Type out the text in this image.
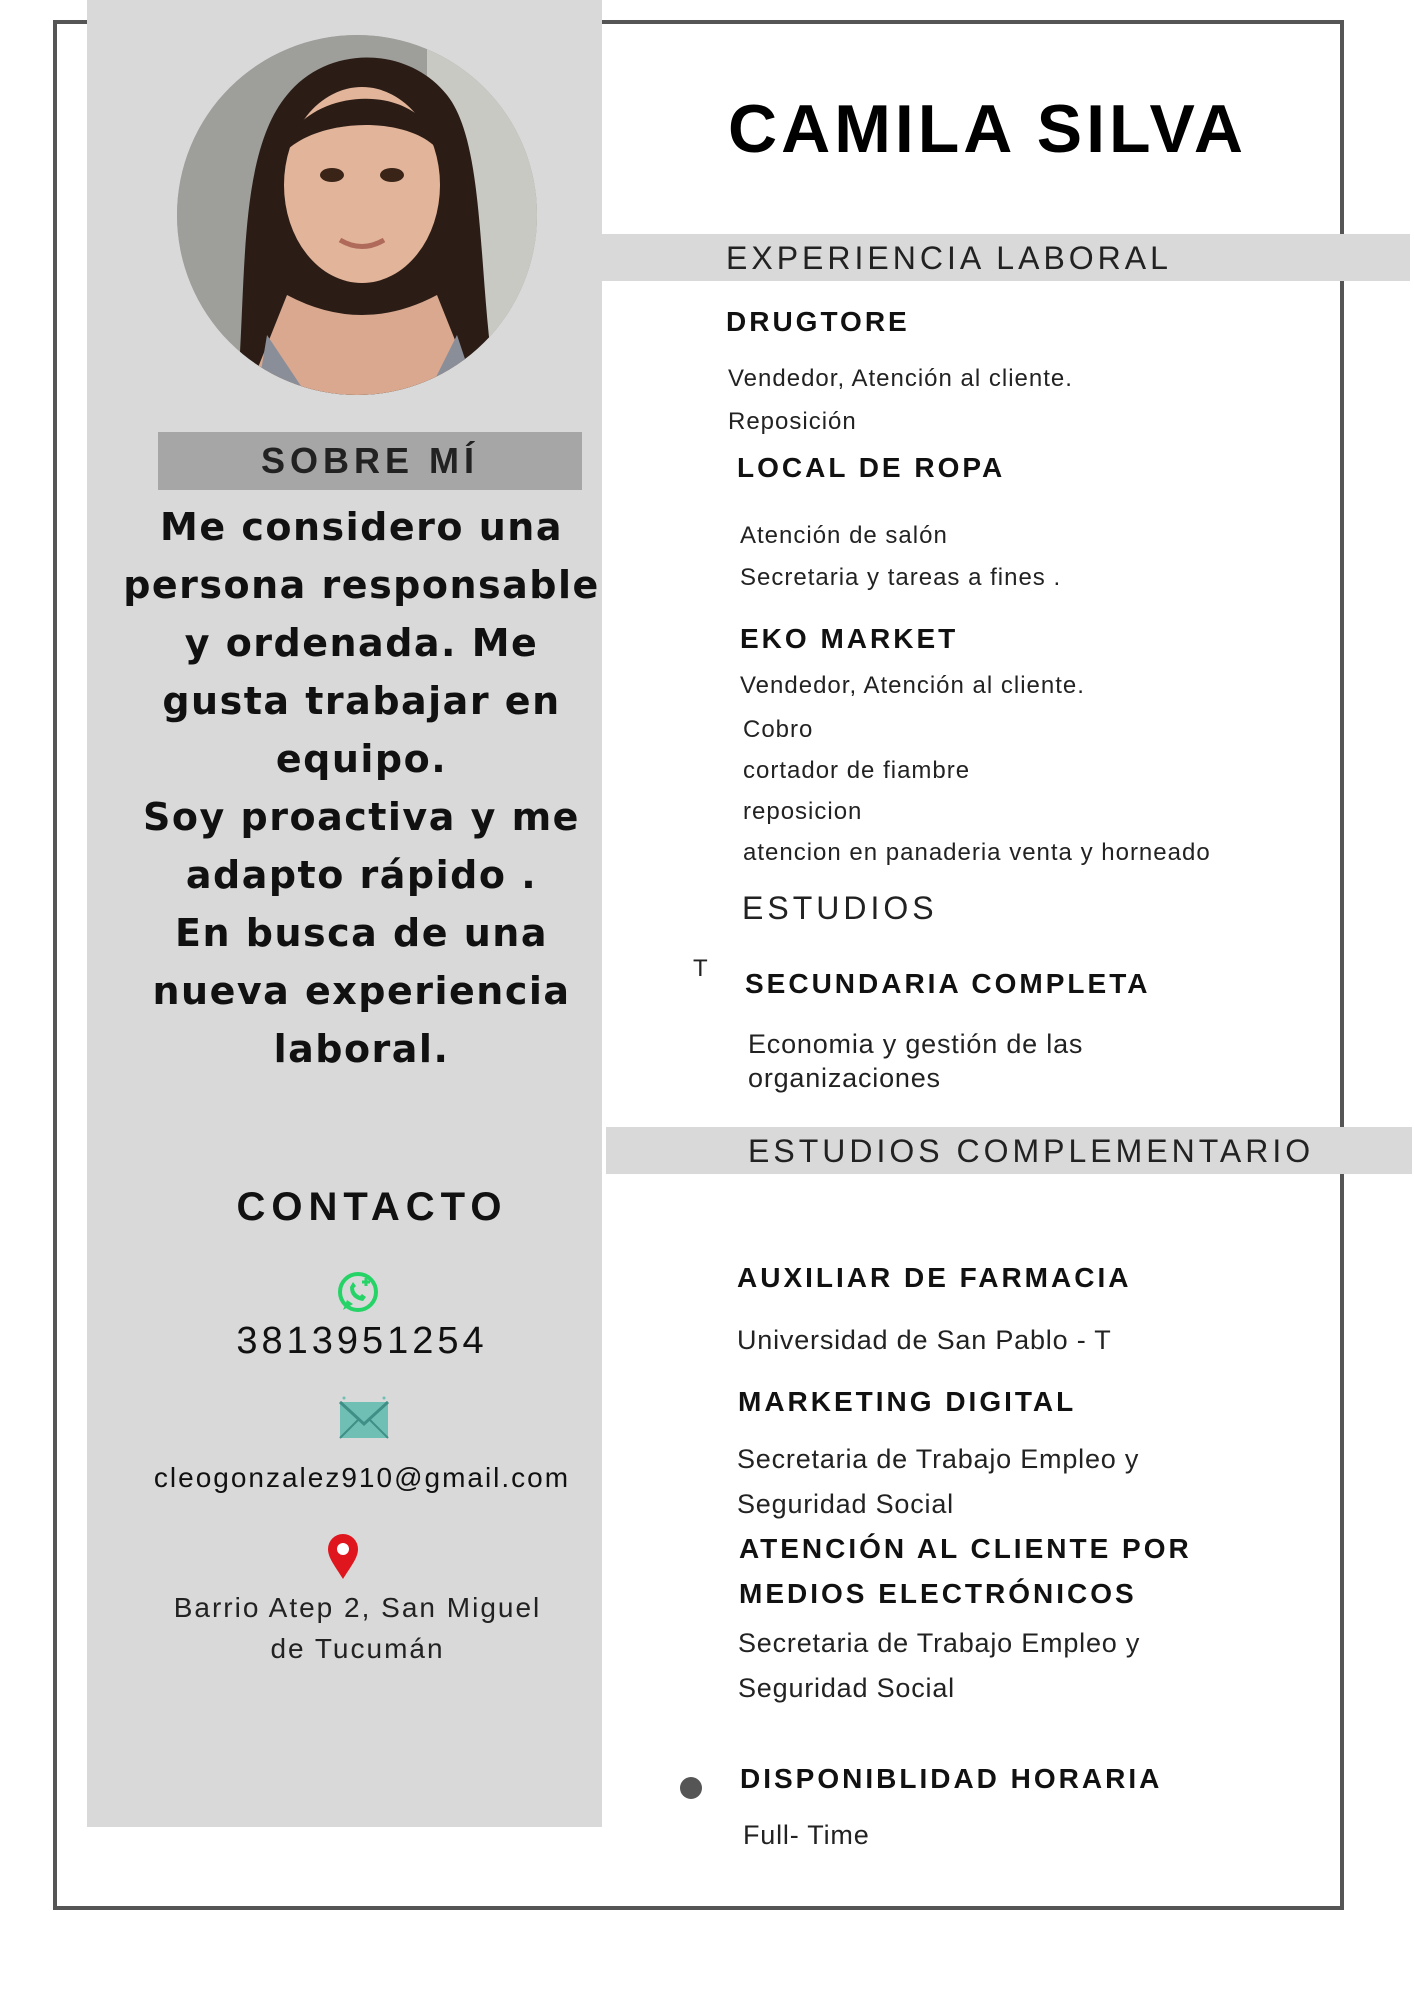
SOBRE MÍ
Me considero una
persona responsable
y ordenada. Me
gusta trabajar en
equipo.
Soy proactiva y me
adapto rápido .
En busca de una
nueva experiencia
laboral.
CONTACTO
3813951254
cleogonzalez910@gmail.com
Barrio Atep 2, San Miguel
de Tucumán
CAMILA SILVA
EXPERIENCIA LABORAL
DRUGTORE
Vendedor, Atención al cliente.
Reposición
LOCAL DE ROPA
Atención de salón
Secretaria y tareas a fines .
EKO MARKET
Vendedor, Atención al cliente.
Cobro
cortador de fiambre
reposicion
atencion en panaderia venta y horneado
ESTUDIOS
T SECUNDARIA COMPLETA
Economia y gestión de las
organizaciones
ESTUDIOS COMPLEMENTARIO
AUXILIAR DE FARMACIA
Universidad de San Pablo - T
MARKETING DIGITAL
Secretaria de Trabajo Empleo y
Seguridad Social
ATENCIÓN AL CLIENTE POR
MEDIOS ELECTRÓNICOS
Secretaria de Trabajo Empleo y
Seguridad Social
DISPONIBLIDAD HORARIA
Full- Time
